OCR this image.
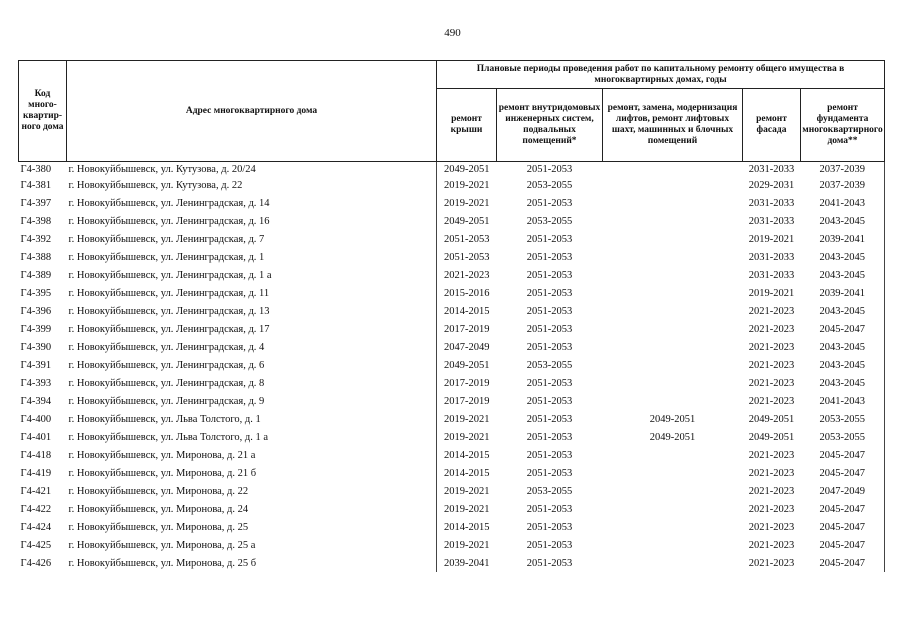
490
Код много-квартир-ного дома	Адрес многоквартирного дома	Плановые периоды проведения работ по капитальному ремонту общего имущества в многоквартирных домах, годы				
		ремонт крыши	ремонт внутридомовых инженерных систем, подвальных помещений*	ремонт, замена, модернизация лифтов, ремонт лифтовых шахт, машинных и блочных помещений	ремонт фасада	ремонт фундамента многоквартирного дома**
Г4-380	г. Новокуйбышевск, ул. Кутузова, д. 20/24	2049-2051	2051-2053		2031-2033	2037-2039
Г4-381	г. Новокуйбышевск, ул. Кутузова, д. 22	2019-2021	2053-2055		2029-2031	2037-2039
Г4-397	г. Новокуйбышевск, ул. Ленинградская, д. 14	2019-2021	2051-2053		2031-2033	2041-2043
Г4-398	г. Новокуйбышевск, ул. Ленинградская, д. 16	2049-2051	2053-2055		2031-2033	2043-2045
Г4-392	г. Новокуйбышевск, ул. Ленинградская, д. 7	2051-2053	2051-2053		2019-2021	2039-2041
Г4-388	г. Новокуйбышевск, ул. Ленинградская, д. 1	2051-2053	2051-2053		2031-2033	2043-2045
Г4-389	г. Новокуйбышевск, ул. Ленинградская, д. 1 а	2021-2023	2051-2053		2031-2033	2043-2045
Г4-395	г. Новокуйбышевск, ул. Ленинградская, д. 11	2015-2016	2051-2053		2019-2021	2039-2041
Г4-396	г. Новокуйбышевск, ул. Ленинградская, д. 13	2014-2015	2051-2053		2021-2023	2043-2045
Г4-399	г. Новокуйбышевск, ул. Ленинградская, д. 17	2017-2019	2051-2053		2021-2023	2045-2047
Г4-390	г. Новокуйбышевск, ул. Ленинградская, д. 4	2047-2049	2051-2053		2021-2023	2043-2045
Г4-391	г. Новокуйбышевск, ул. Ленинградская, д. 6	2049-2051	2053-2055		2021-2023	2043-2045
Г4-393	г. Новокуйбышевск, ул. Ленинградская, д. 8	2017-2019	2051-2053		2021-2023	2043-2045
Г4-394	г. Новокуйбышевск, ул. Ленинградская, д. 9	2017-2019	2051-2053		2021-2023	2041-2043
Г4-400	г. Новокуйбышевск, ул. Льва Толстого, д. 1	2019-2021	2051-2053	2049-2051	2049-2051	2053-2055
Г4-401	г. Новокуйбышевск, ул. Льва Толстого, д. 1 а	2019-2021	2051-2053	2049-2051	2049-2051	2053-2055
Г4-418	г. Новокуйбышевск, ул. Миронова, д. 21 а	2014-2015	2051-2053		2021-2023	2045-2047
Г4-419	г. Новокуйбышевск, ул. Миронова, д. 21 б	2014-2015	2051-2053		2021-2023	2045-2047
Г4-421	г. Новокуйбышевск, ул. Миронова, д. 22	2019-2021	2053-2055		2021-2023	2047-2049
Г4-422	г. Новокуйбышевск, ул. Миронова, д. 24	2019-2021	2051-2053		2021-2023	2045-2047
Г4-424	г. Новокуйбышевск, ул. Миронова, д. 25	2014-2015	2051-2053		2021-2023	2045-2047
Г4-425	г. Новокуйбышевск, ул. Миронова, д. 25 а	2019-2021	2051-2053		2021-2023	2045-2047
Г4-426	г. Новокуйбышевск, ул. Миронова, д. 25 б	2039-2041	2051-2053		2021-2023	2045-2047
